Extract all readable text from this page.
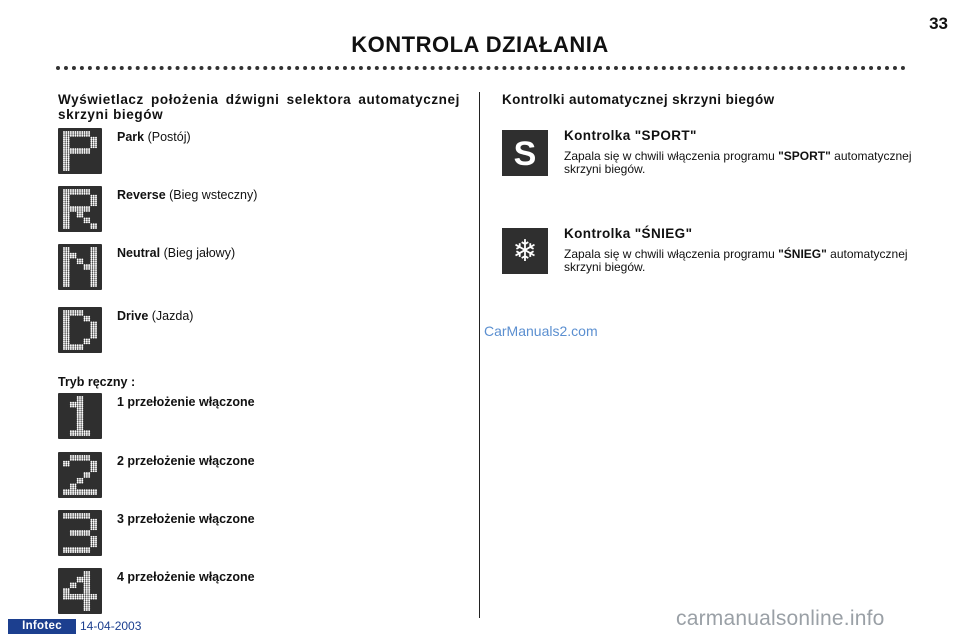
33
KONTROLA DZIAŁANIA
Wyświetlacz położenia dźwigni selektora automatycznej skrzyni biegów
Kontrolki automatycznej skrzyni biegów
Park (Postój)
Reverse (Bieg wsteczny)
Neutral (Bieg jałowy)
Drive (Jazda)
Tryb ręczny :
1 przełożenie włączone
2 przełożenie włączone
3 przełożenie włączone
4 przełożenie włączone
S Kontrolka "SPORT"
Zapala się w chwili włączenia programu "SPORT" automatycznej skrzyni biegów.
❄
Kontrolka "ŚNIEG"
Zapala się w chwili włączenia programu "ŚNIEG" automatycznej skrzyni biegów.
CarManuals2.com
Infotec	14-04-2003	carmanualsonline.info
